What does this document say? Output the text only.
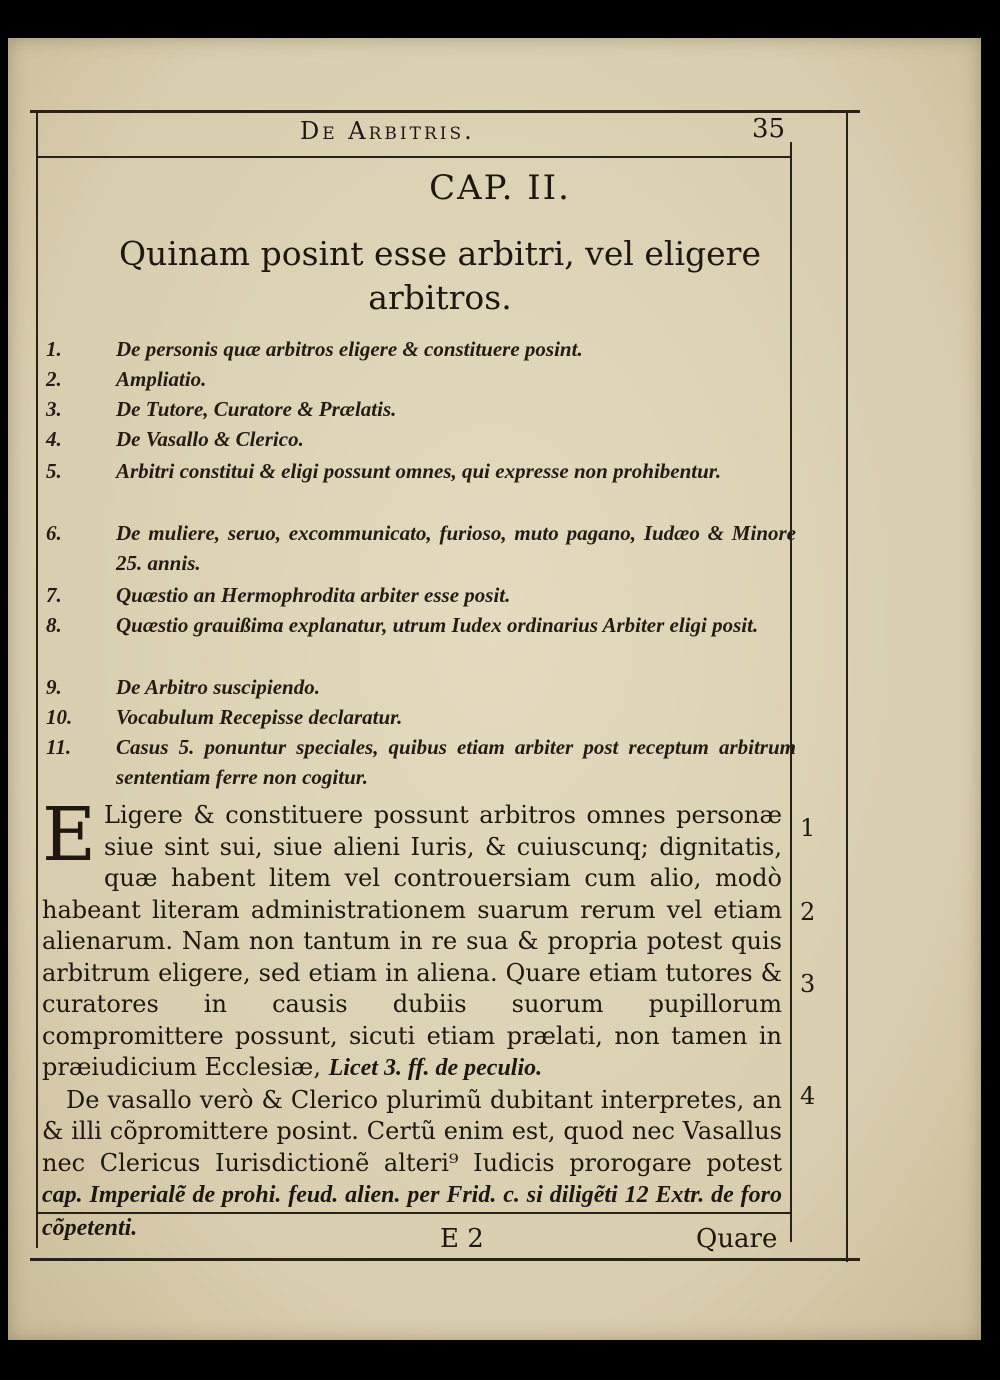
De Arbitris.	35
CAP. II.
Quinam posint esse arbitri, vel eligere arbitros.
1.	De personis quæ arbitros eligere & constituere posint.
2.	Ampliatio.
3.	De Tutore, Curatore & Prælatis.
4.	De Vasallo & Clerico.
5.	Arbitri constitui & eligi possunt omnes, qui expresse non prohibentur.
6.	De muliere, seruo, excommunicato, furioso, muto pagano, Iudæo & Minore 25. annis.
7.	Quæstio an Hermophrodita arbiter esse posit.
8.	Quæstio grauißima explanatur, utrum Iudex ordinarius Arbiter eligi posit.
9.	De Arbitro suscipiendo.
10.	Vocabulum Recepisse declaratur.
11.	Casus 5. ponuntur speciales, quibus etiam arbiter post receptum arbitrum sententiam ferre non cogitur.

E Ligere & constituere possunt arbitros omnes personæ siue sint sui, siue alieni Iuris, & cuiuscunq; dignitatis, quæ habent litem vel controuersiam cum alio, modò habeant literam administrationem suarum rerum vel etiam alienarum. Nam non tantum in re sua & propria potest quis arbitrum eligere, sed etiam in aliena. Quare etiam tutores & curatores in causis dubiis suorum pupillorum compromittere possunt, sicuti etiam prælati, non tamen in præiudicium Ecclesiæ, Licet 3. ff. de peculio.

De vasallo verò & Clerico plurimũ dubitant interpretes, an & illi cõpromittere posint. Certũ enim est, quod nec Vasallus nec Clericus Iurisdictionẽ alteri⁹ Iudicis prorogare potest cap. Imperialẽ de prohi. feud. alien. per Frid. c. si diligẽti 12 Extr. de foro cõpetenti.

1
2
3
4
E 2	Quare
